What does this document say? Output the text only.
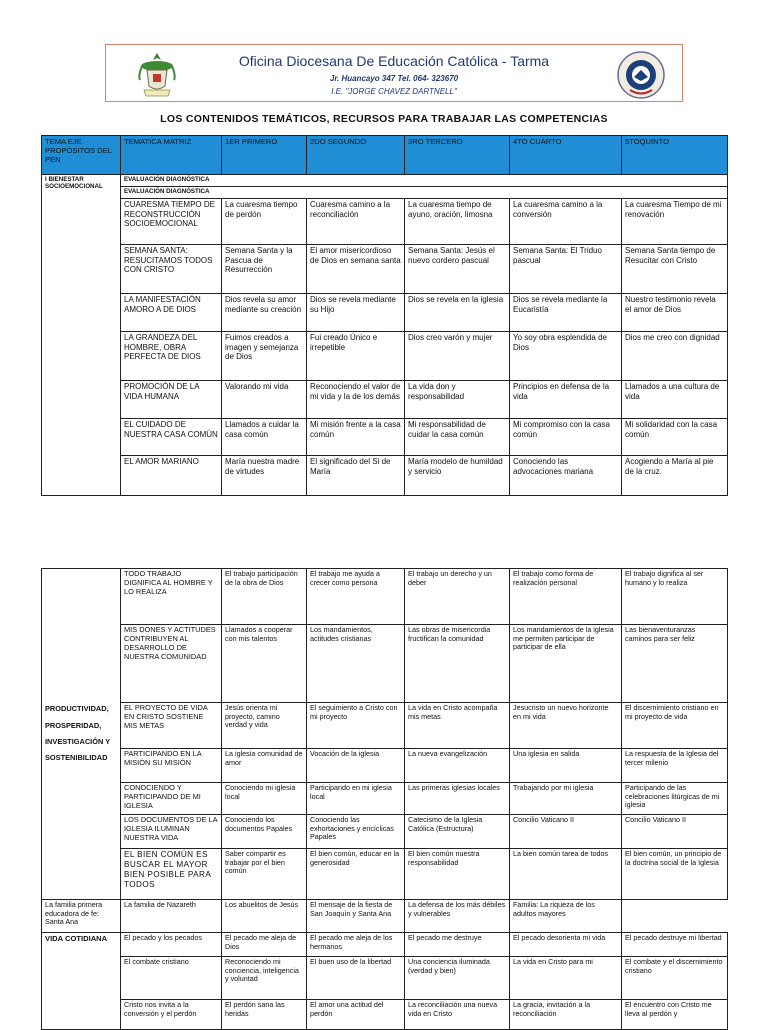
Oficina Diocesana De Educación Católica - Tarma
Jr. Huancayo 347 Tel. 064- 323670
I.E. "JORGE CHAVEZ DARTNELL"
LOS CONTENIDOS TEMÁTICOS, RECURSOS PARA TRABAJAR LAS COMPETENCIAS
TEMA EJE PROPÓSITOS DEL PEN	TEMATICA MATRIZ	1ER PRIMERO	2DO SEGUNDO	3RO TERCERO	4TO CUARTO	5TOQUINTO
I BIENESTAR SOCIOEMOCIONAL	EVALUACIÓN DIAGNÓSTICA					
	EVALUACIÓN DIAGNÓSTICA					
	CUARESMA TIEMPO DE RECONSTRUCCIÓN SOCIOEMOCIONAL	La cuaresma tiempo de perdón	Cuaresma camino a la reconciliación	La cuaresma tiempo de ayuno, oración, limosna	La cuaresma camino a la conversión	La cuaresma Tiempo de mi renovación
	SEMANA SANTA: RESUCITAMOS TODOS CON CRISTO	Semana Santa y la Pascua de Resurrección	El amor misericordioso de Dios en semana santa	Semana Santa: Jesús el nuevo cordero pascual	Semana Santa: El Triduo pascual	Semana Santa tiempo de Resucitar con Cristo
	LA MANIFESTACIÓN AMORO A DE DIOS	Dios revela su amor mediante su creación	Dios se revela mediante su Hijo	Dios se revela en la iglesia	Dios se revela mediante la Eucaristía	Nuestro testimonio revela el amor de Dios
	LA GRANDEZA DEL HOMBRE, OBRA PERFECTA DE DIOS	Fuimos creados a imagen y semejanza de Dios	Fui creado Único e irrepetible	Dios creo varón y mujer	Yo soy obra esplendida de Dios	Dios me creo con dignidad
	PROMOCIÓN DE LA VIDA HUMANA	Valorando mi vida	Reconociendo el valor de mi vida y la de los demás	La vida don y responsabilidad	Principios en defensa de la vida	Llamados a una cultura de vida
	EL CUIDADO DE NUESTRA CASA COMÚN	Llamados a cuidar la casa común	Mi misión frente a la casa común	Mi responsabilidad de cuidar la casa común	Mi compromiso con la casa común	Mi solidaridad con la casa común
	EL AMOR MARIANO	María nuestra madre de virtudes	El significado del Si de María	María modelo de humildad y servicio	Conociendo las advocaciones mariana	Acogiendo a María al pie de la cruz.
PRODUCTIVIDAD,
PROSPERIDAD,
INVESTIGACIÓN Y
SOSTENIBILIDAD	TODO TRABAJO DIGNIFICA AL HOMBRE Y LO REALIZA	El trabajo participación de la obra de Dios	El trabajo me ayuda a crecer como persona	El trabajo un derecho y un deber	El trabajo como forma de realización personal	El trabajo dignifica al ser humano y lo realiza
	MIS DONES Y ACTITUDES CONTRIBUYEN AL DESARROLLO DE NUESTRA COMUNIDAD	Llamados a cooperar con mis talentos	Los mandamientos, actitudes cristianas	Las obras de misericordia fructifican la comunidad	Los mandamientos de la iglesia me permiten participar de participar de ella	Las bienaventuranzas caminos para ser feliz
	EL PROYECTO DE VIDA EN CRISTO SOSTIENE MIS METAS	Jesús orienta mi proyecto, camino verdad y vida	El seguimiento a Cristo con mi proyecto	La vida en Cristo acompaña mis metas	Jesucristo un nuevo horizonte en mi vida	El discernimiento cristiano en mi proyecto de vida
	PARTICIPANDO EN LA MISIÓN SU MISIÓN	La iglesia comunidad de amor	Vocación de la iglesia	La nueva evangelización	Una iglesia en salida	La respuesta de la Iglesia del tercer milenio
	CONOCIENDO Y PARTICIPANDO DE MI IGLESIA	Conociendo mi iglesia local	Participando en mi iglesia local	Las primeras iglesias locales	Trabajando por mi iglesia	Participando de las celebraciones litúrgicas de mi iglesia
	LOS DOCUMENTOS DE LA IGLESIA ILUMINAN NUESTRA VIDA	Conociendo los documentos Papales	Conociendo las exhortaciones y encíclicas Papales	Catecismo de la Iglesia Católica (Estructura)	Concilio Vaticano II	Concilio Vaticano II
	EL BIEN COMÚN ES BUSCAR EL MAYOR BIEN POSIBLE PARA TODOS	Saber compartir es trabajar por el bien común	El bien común, educar en la generosidad	El bien común nuestra responsabilidad	La bien común tarea de todos	El bien común, un principio de la doctrina social de la Iglesia
La familia primera educadora de fe: Santa Ana	La familia de Nazareth	Los abuelitos de Jesús	El mensaje de la fiesta de San Joaquín y Santa Ana	La defensa de los más débiles y vulnerables	Familia: La riqueza de los adultos mayores	
VIDA COTIDIANA	El pecado y los pecados	El pecado me aleja de Dios	El pecado me aleja de los hermanos	El pecado me destruye	El pecado desorienta mi vida	El pecado destruye mi libertad
	El combate cristiano	Reconociendo mi conciencia, inteligencia y voluntad	El buen uso de la libertad	Una conciencia iluminada (verdad y bien)	La vida en Cristo para mi	El combate y el discernimiento cristiano
	Cristo nos invita a la conversión y el perdón	El perdón sana las heridas	El amor una actitud del perdón	La reconciliación una nueva vida en Cristo	La gracia, invitación a la reconciliación	El encuentro con Cristo me lleva al perdón y
